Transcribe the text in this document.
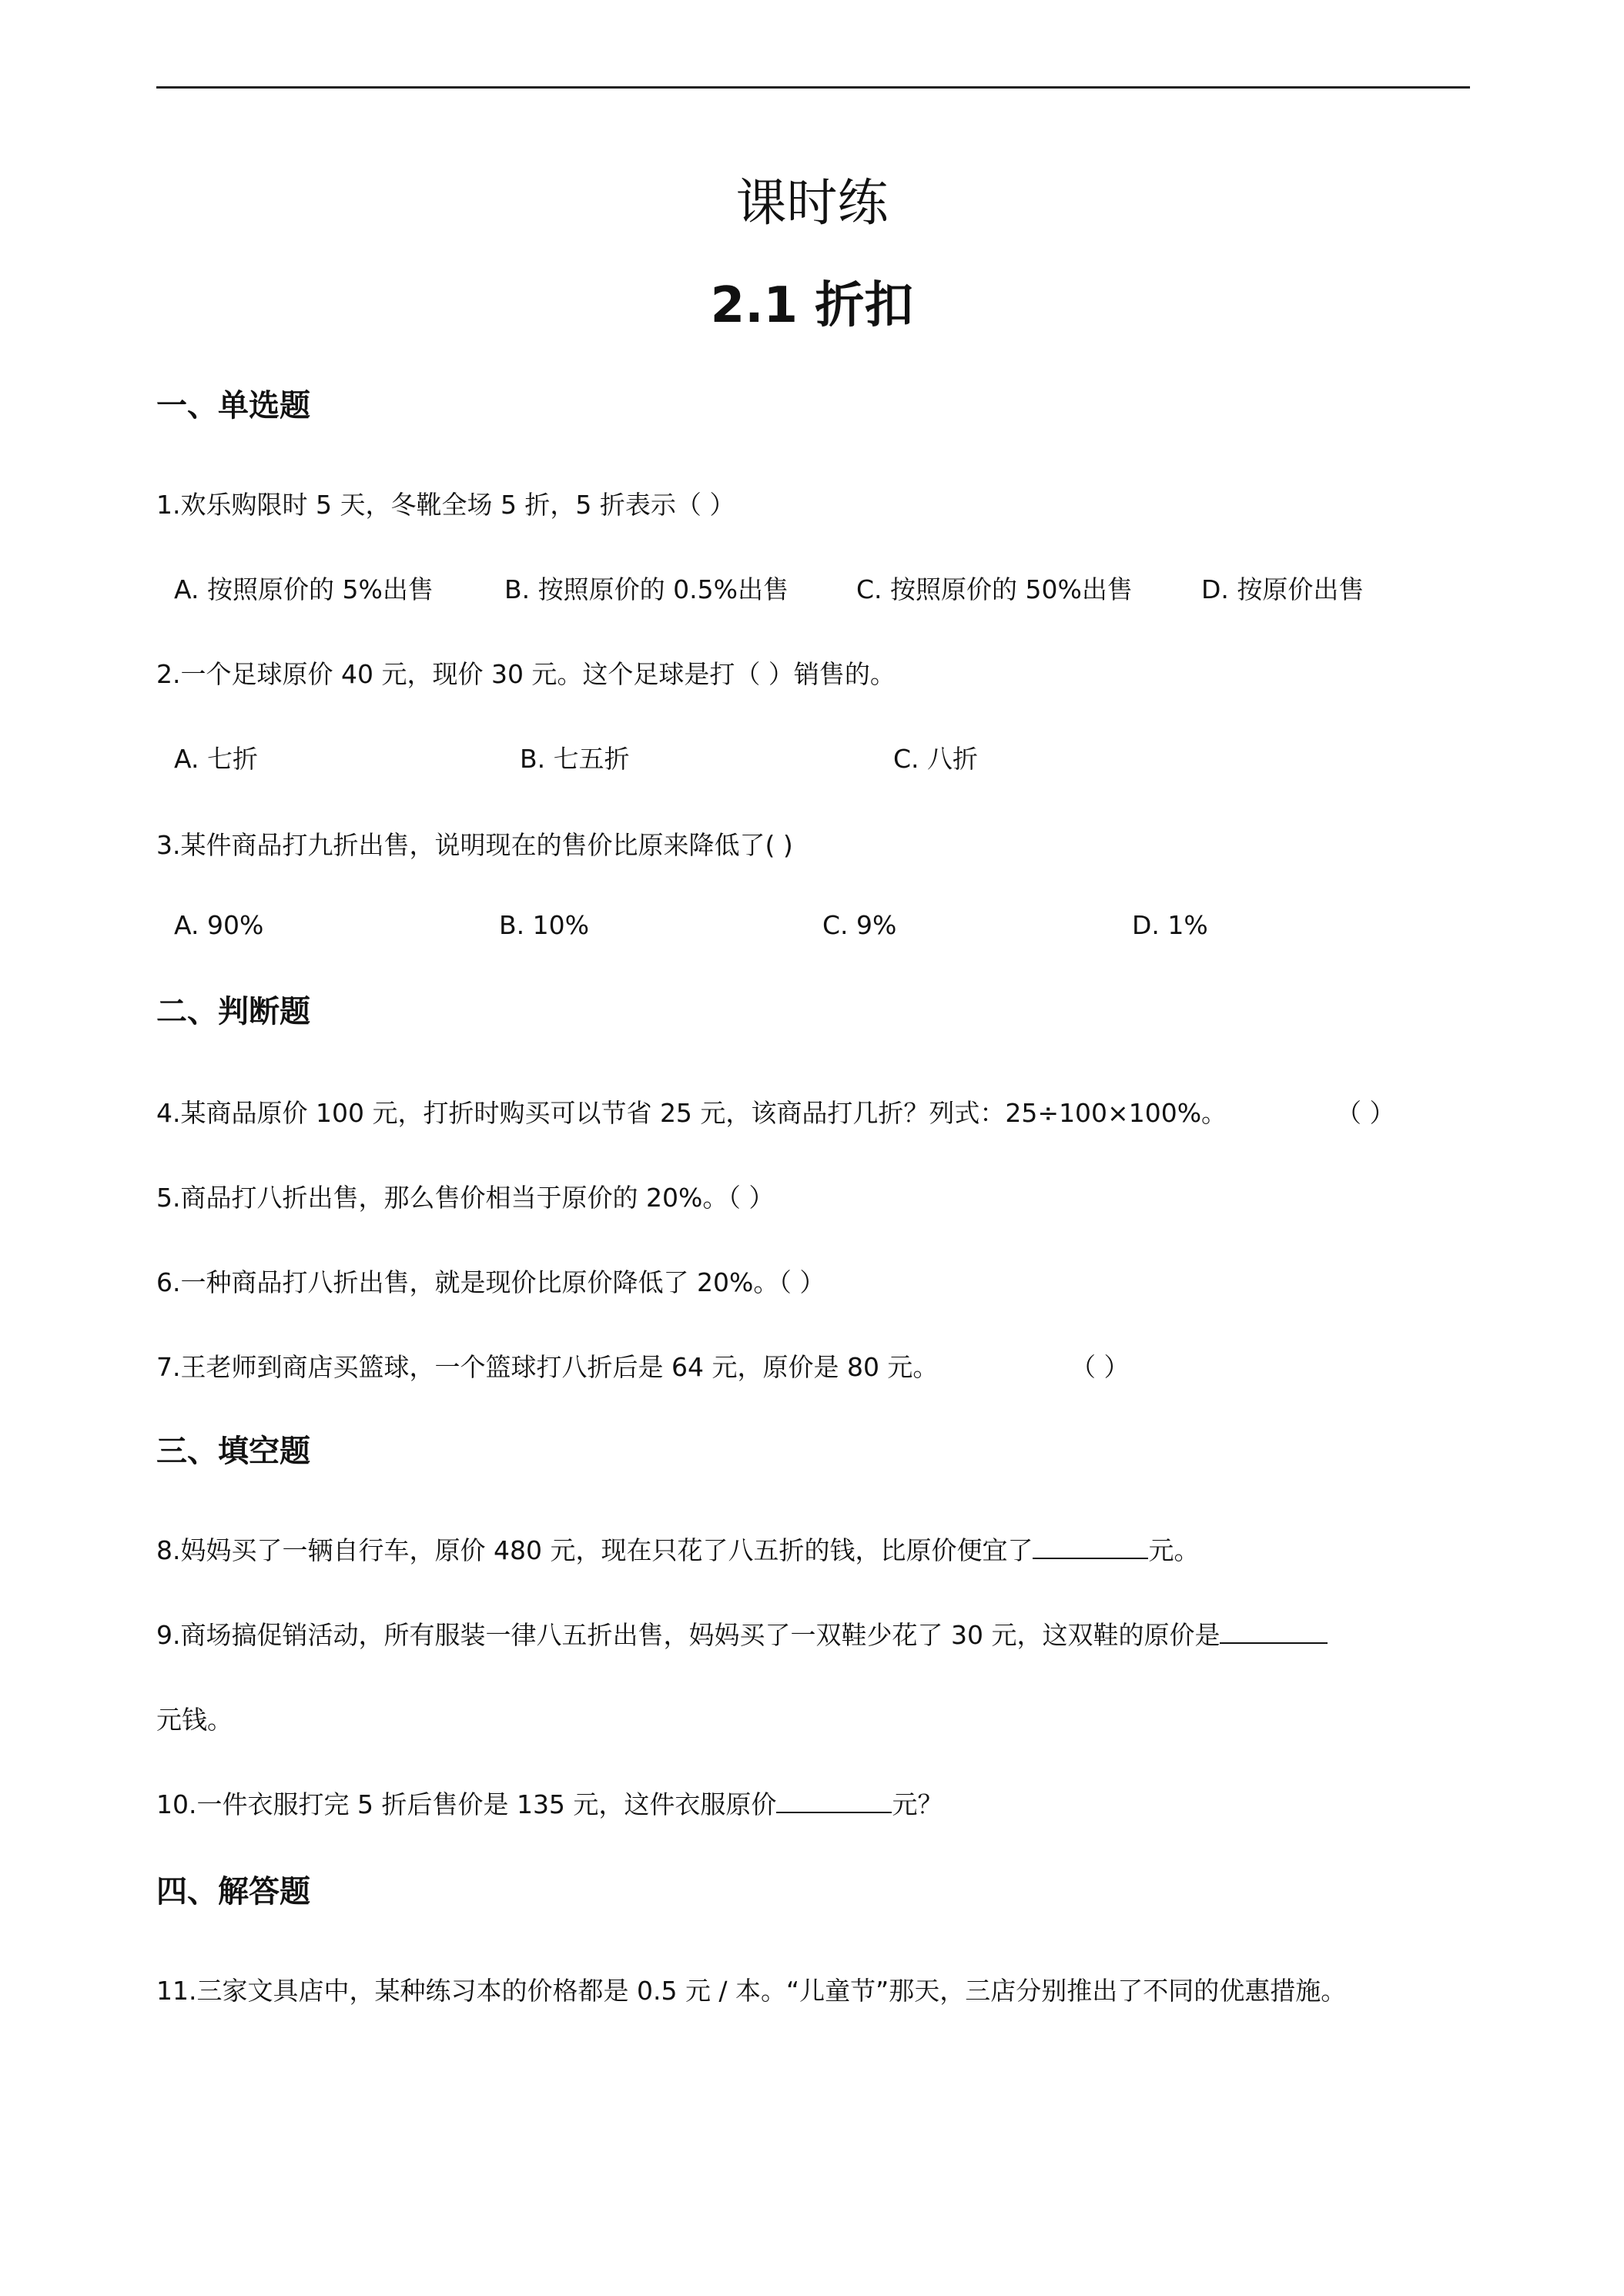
课时练
2.1 折扣
一、单选题
1.欢乐购限时 5 天，冬靴全场 5 折，5 折表示（ ）
A. 按照原价的 5%出售	B. 按照原价的 0.5%出售	C. 按照原价的 50%出售	D. 按原价出售
2.一个足球原价 40 元，现价 30 元。这个足球是打（ ）销售的。
A. 七折	B. 七五折	C. 八折
3.某件商品打九折出售，说明现在的售价比原来降低了( )
A. 90%	B. 10%	C. 9%	D. 1%
二、判断题
4.某商品原价 100 元，打折时购买可以节省 25 元，该商品打几折？列式：25÷100×100%。	（ ）
5.商品打八折出售，那么售价相当于原价的 20%。（ ）
6.一种商品打八折出售，就是现价比原价降低了 20%。（ ）
7.王老师到商店买篮球，一个篮球打八折后是 64 元，原价是 80 元。	（ ）
三、填空题
8.妈妈买了一辆自行车，原价 480 元，现在只花了八五折的钱，比原价便宜了	元。
9.商场搞促销活动，所有服装一律八五折出售，妈妈买了一双鞋少花了 30 元，这双鞋的原价是
元钱。
10.一件衣服打完 5 折后售价是 135 元，这件衣服原价	元？
四、解答题
11.三家文具店中，某种练习本的价格都是 0.5 元 / 本。“儿童节”那天，三店分别推出了不同的优惠措施。
